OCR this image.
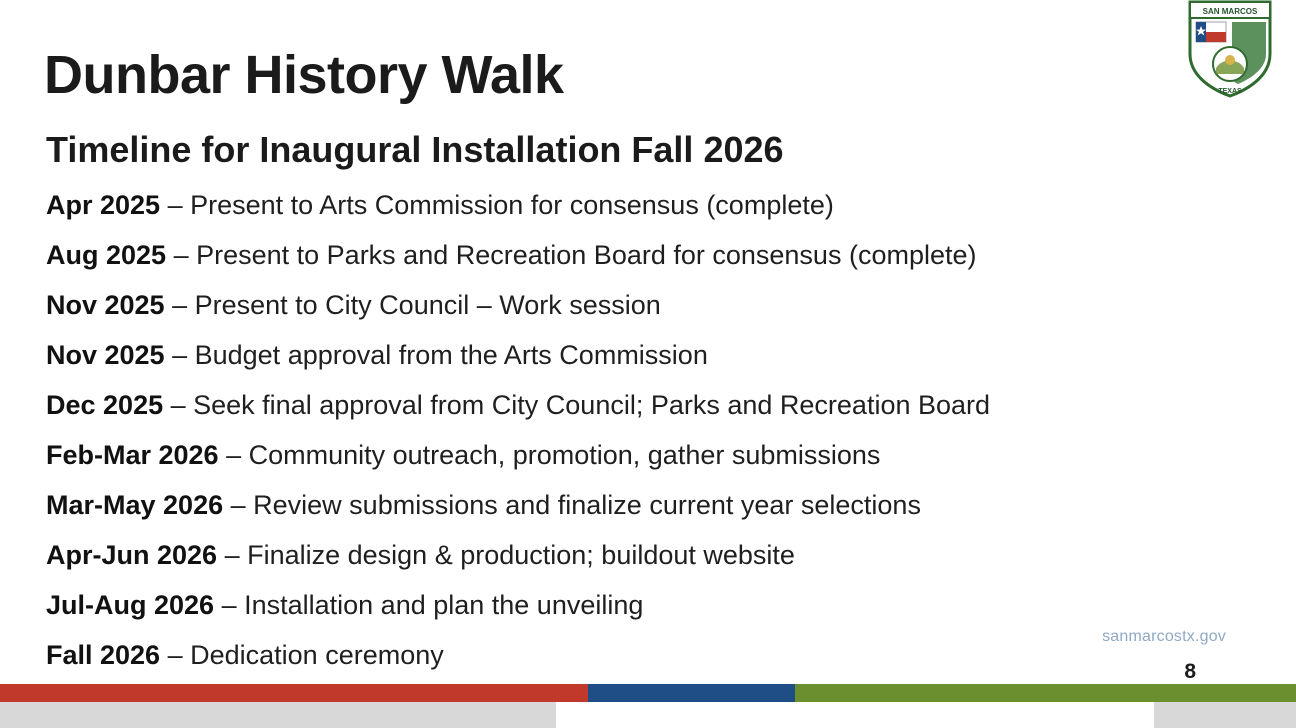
Dunbar History Walk
Timeline for Inaugural Installation Fall 2026
SAN MARCOS
TEXAS
Apr 2025 – Present to Arts Commission for consensus (complete)
Aug 2025 – Present to Parks and Recreation Board for consensus (complete)
Nov 2025 – Present to City Council – Work session
Nov 2025 – Budget approval from the Arts Commission
Dec 2025 – Seek final approval from City Council; Parks and Recreation Board
Feb-Mar 2026 – Community outreach, promotion, gather submissions
Mar-May 2026 – Review submissions and finalize current year selections
Apr-Jun 2026 – Finalize design & production; buildout website
Jul-Aug 2026 – Installation and plan the unveiling
Fall 2026 – Dedication ceremony
sanmarcostx.gov
8
